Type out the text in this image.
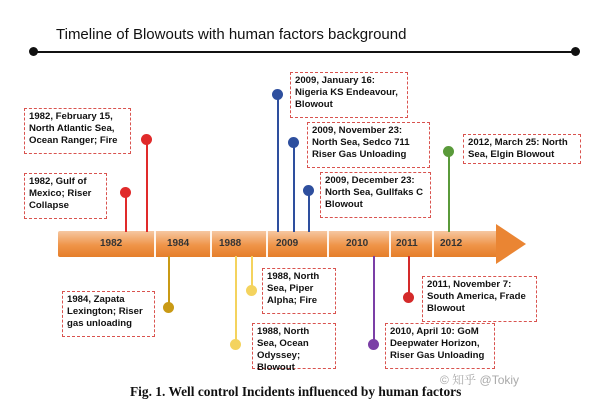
Timeline of Blowouts with human factors background
1982	1984	1988	2009	2010	2011 2012
1982, February 15, North Atlantic Sea, Ocean Ranger; Fire
1982, Gulf of Mexico; Riser Collapse
1984, Zapata Lexington; Riser gas unloading
1988, North Sea, Piper Alpha; Fire
1988, North Sea, Ocean Odyssey; Blowout
2009, January 16: Nigeria KS Endeavour, Blowout
2009, November 23: North Sea, Sedco 711 Riser Gas Unloading
2009, December 23: North Sea, Gullfaks C Blowout
2010, April 10: GoM Deepwater Horizon, Riser Gas Unloading
2011, November 7: South America, Frade Blowout
2012, March 25: North Sea, Elgin Blowout
Fig. 1. Well control Incidents influenced by human factors
© 知乎 @Tokiy
